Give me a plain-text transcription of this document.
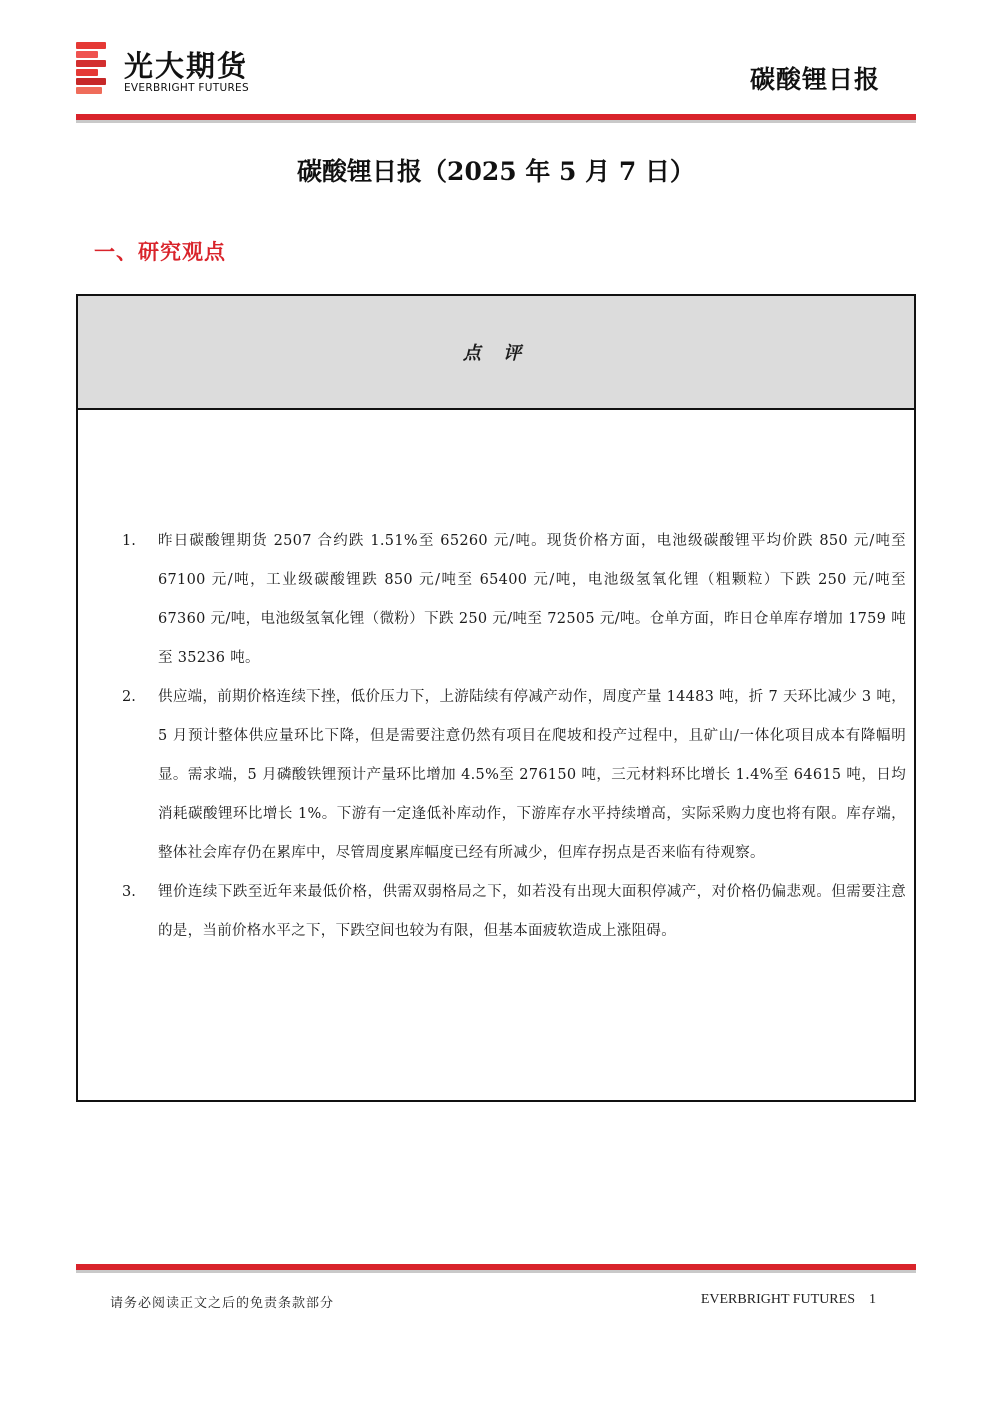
光大期货
EVERBRIGHT FUTURES	碳酸锂日报
碳酸锂日报（2025 年 5 月 7 日）
一、研究观点
点 评
1. 昨日碳酸锂期货 2507 合约跌 1.51%至 65260 元/吨。现货价格方面，电池级碳酸锂平均价跌 850 元/吨至 67100 元/吨，工业级碳酸锂跌 850 元/吨至 65400 元/吨，电池级氢氧化锂（粗颗粒）下跌 250 元/吨至 67360 元/吨，电池级氢氧化锂（微粉）下跌 250 元/吨至 72505 元/吨。仓单方面，昨日仓单库存增加 1759 吨至 35236 吨。
2. 供应端，前期价格连续下挫，低价压力下，上游陆续有停减产动作，周度产量 14483 吨，折 7 天环比减少 3 吨，5 月预计整体供应量环比下降，但是需要注意仍然有项目在爬坡和投产过程中，且矿山/一体化项目成本有降幅明显。需求端，5 月磷酸铁锂预计产量环比增加 4.5%至 276150 吨，三元材料环比增长 1.4%至 64615 吨，日均消耗碳酸锂环比增长 1%。下游有一定逢低补库动作，下游库存水平持续增高，实际采购力度也将有限。库存端，整体社会库存仍在累库中，尽管周度累库幅度已经有所减少，但库存拐点是否来临有待观察。
3. 锂价连续下跌至近年来最低价格，供需双弱格局之下，如若没有出现大面积停减产，对价格仍偏悲观。但需要注意的是，当前价格水平之下，下跌空间也较为有限，但基本面疲软造成上涨阻碍。
请务必阅读正文之后的免责条款部分	EVERBRIGHT FUTURES 1
